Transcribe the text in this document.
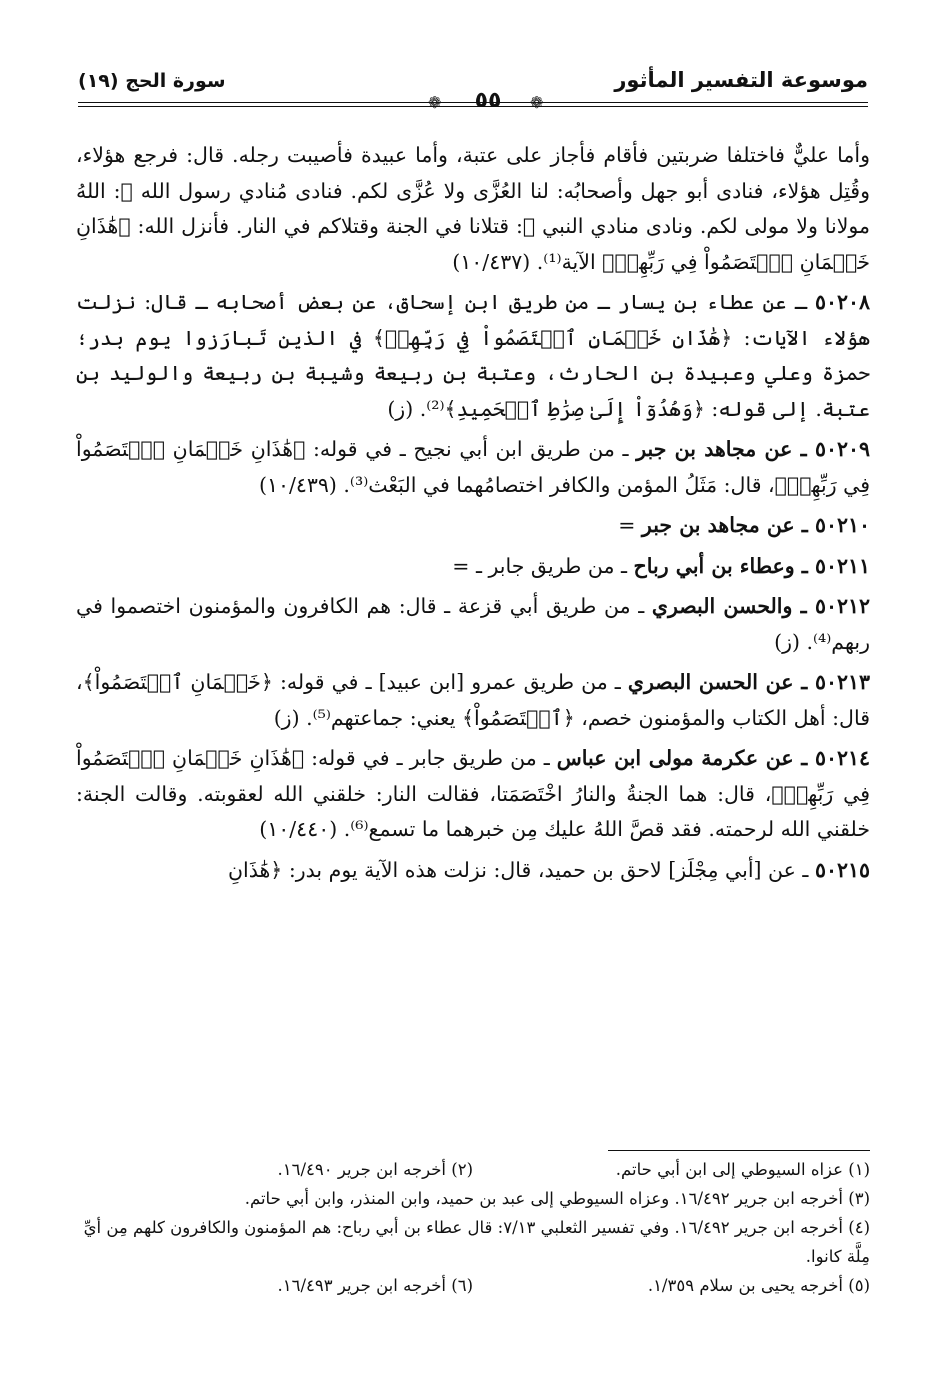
موسوعة التفسير المأثور
سورة الحج (١٩)
❁	٥٥	❁

وأما عليٌّ فاختلفا ضربتين فأقام فأجاز على عتبة، وأما عبيدة فأصيبت رجله. قال: فرجع هؤلاء، وقُتِل هؤلاء، فنادى أبو جهل وأصحابُه: لنا العُزَّى ولا عُزَّى لكم. فنادى مُنادي رسول الله ﷺ: اللهُ مولانا ولا مولى لكم. ونادى منادي النبي ﷺ: قتلانا في الجنة وقتلاكم في النار. فأنزل الله: ﴿هَٰذَانِ خَصۡمَانِ ٱخۡتَصَمُواْ فِي رَبِّهِمۡ﴾ الآية⁽¹⁾. (١٠/٤٣٧)

٥٠٢٠٨ ـ عن عطاء بن يسار ـ من طريق ابن إسحاق، عن بعض أصحابه ـ قال: نزلت هؤلاء الآيات: ﴿هَٰذَانِ خَصۡمَانِ ٱخۡتَصَمُواْ فِي رَبِّهِمۡ﴾ في الذين تَبارَزوا يوم بدر؛ حمزة وعلي وعبيدة بن الحارث، وعتبة بن ربيعة وشيبة بن ربيعة والوليد بن عتبة. إلى قوله: ﴿وَهُدُوٓاْ إِلَىٰ صِرَٰطِ ٱلۡحَمِيدِ﴾⁽²⁾. (ز)

٥٠٢٠٩ ـ عن مجاهد بن جبر ـ من طريق ابن أبي نجيح ـ في قوله: ﴿هَٰذَانِ خَصۡمَانِ ٱخۡتَصَمُواْ فِي رَبِّهِمۡ﴾، قال: مَثَلُ المؤمن والكافر اختصامُهما في البَعْث⁽³⁾. (١٠/٤٣٩)

٥٠٢١٠ ـ عن مجاهد بن جبر =

٥٠٢١١ ـ وعطاء بن أبي رباح ـ من طريق جابر ـ =

٥٠٢١٢ ـ والحسن البصري ـ من طريق أبي قزعة ـ قال: هم الكافرون والمؤمنون اختصموا في ربهم⁽⁴⁾. (ز)

٥٠٢١٣ ـ عن الحسن البصري ـ من طريق عمرو [ابن عبيد] ـ في قوله: ﴿خَصۡمَانِ ٱخۡتَصَمُواْ﴾، قال: أهل الكتاب والمؤمنون خصم، ﴿ٱخۡتَصَمُواْ﴾ يعني: جماعتهم⁽⁵⁾. (ز)

٥٠٢١٤ ـ عن عكرمة مولى ابن عباس ـ من طريق جابر ـ في قوله: ﴿هَٰذَانِ خَصۡمَانِ ٱخۡتَصَمُواْ فِي رَبِّهِمۡ﴾، قال: هما الجنةُ والنارُ اخْتَصَمَتا، فقالت النار: خلقني الله لعقوبته. وقالت الجنة: خلقني الله لرحمته. فقد قصَّ اللهُ عليك مِن خبرهما ما تسمع⁽⁶⁾. (١٠/٤٤٠)

٥٠٢١٥ ـ عن [أبي مِجْلَز] لاحق بن حميد، قال: نزلت هذه الآية يوم بدر: ﴿هَٰذَانِ

(١) عزاه السيوطي إلى ابن أبي حاتم.
(٢) أخرجه ابن جرير ١٦/٤٩٠.
(٣) أخرجه ابن جرير ١٦/٤٩٢. وعزاه السيوطي إلى عبد بن حميد، وابن المنذر، وابن أبي حاتم.
(٤) أخرجه ابن جرير ١٦/٤٩٢. وفي تفسير الثعلبي ٧/١٣: قال عطاء بن أبي رباح: هم المؤمنون والكافرون كلهم مِن أيِّ مِلَّة كانوا.
(٥) أخرجه يحيى بن سلام ١/٣٥٩.
(٦) أخرجه ابن جرير ١٦/٤٩٣.
